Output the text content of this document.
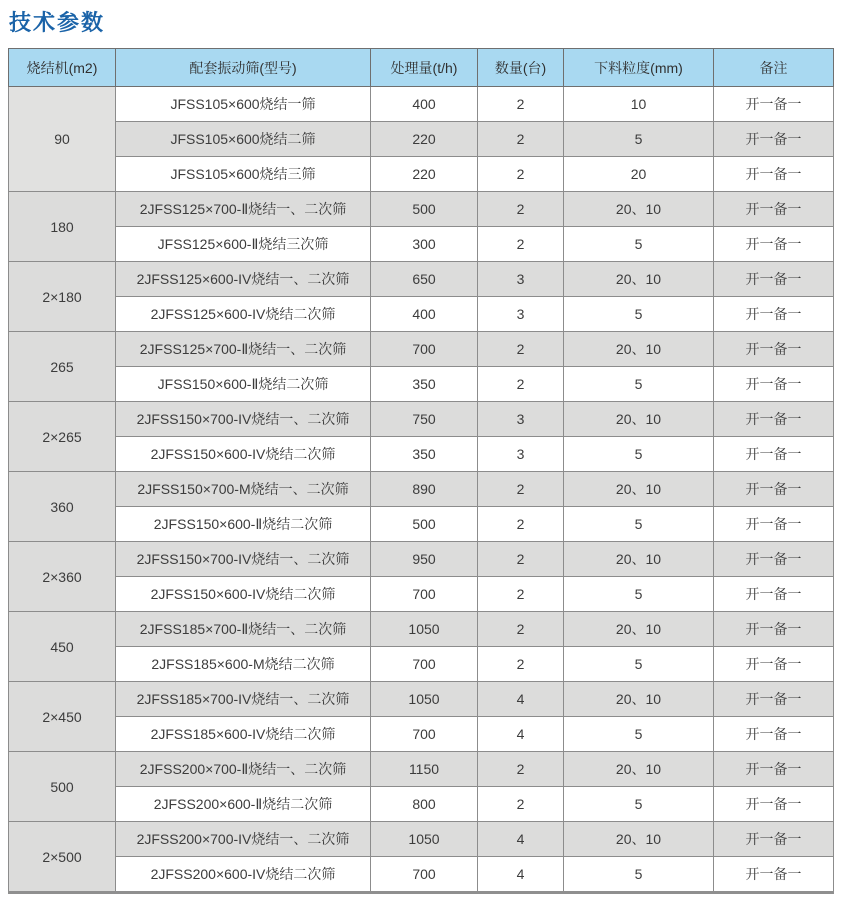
技术参数
烧结机(m2)	配套振动筛(型号)	处理量(t/h)	数量(台)	下料粒度(mm)	备注
90	JFSS105×600烧结一筛	400	2	10	开一备一
	JFSS105×600烧结二筛	220	2	5	开一备一
	JFSS105×600烧结三筛	220	2	20	开一备一
180	2JFSS125×700-Ⅱ烧结一、二次筛	500	2	20、10	开一备一
	JFSS125×600-Ⅱ烧结三次筛	300	2	5	开一备一
2×180	2JFSS125×600-IV烧结一、二次筛	650	3	20、10	开一备一
	2JFSS125×600-IV烧结二次筛	400	3	5	开一备一
265	2JFSS125×700-Ⅱ烧结一、二次筛	700	2	20、10	开一备一
	JFSS150×600-Ⅱ烧结二次筛	350	2	5	开一备一
2×265	2JFSS150×700-IV烧结一、二次筛	750	3	20、10	开一备一
	2JFSS150×600-IV烧结二次筛	350	3	5	开一备一
360	2JFSS150×700-M烧结一、二次筛	890	2	20、10	开一备一
	2JFSS150×600-Ⅱ烧结二次筛	500	2	5	开一备一
2×360	2JFSS150×700-IV烧结一、二次筛	950	2	20、10	开一备一
	2JFSS150×600-IV烧结二次筛	700	2	5	开一备一
450	2JFSS185×700-Ⅱ烧结一、二次筛	1050	2	20、10	开一备一
	2JFSS185×600-M烧结二次筛	700	2	5	开一备一
2×450	2JFSS185×700-IV烧结一、二次筛	1050	4	20、10	开一备一
	2JFSS185×600-IV烧结二次筛	700	4	5	开一备一
500	2JFSS200×700-Ⅱ烧结一、二次筛	1150	2	20、10	开一备一
	2JFSS200×600-Ⅱ烧结二次筛	800	2	5	开一备一
2×500	2JFSS200×700-IV烧结一、二次筛	1050	4	20、10	开一备一
	2JFSS200×600-IV烧结二次筛	700	4	5	开一备一
